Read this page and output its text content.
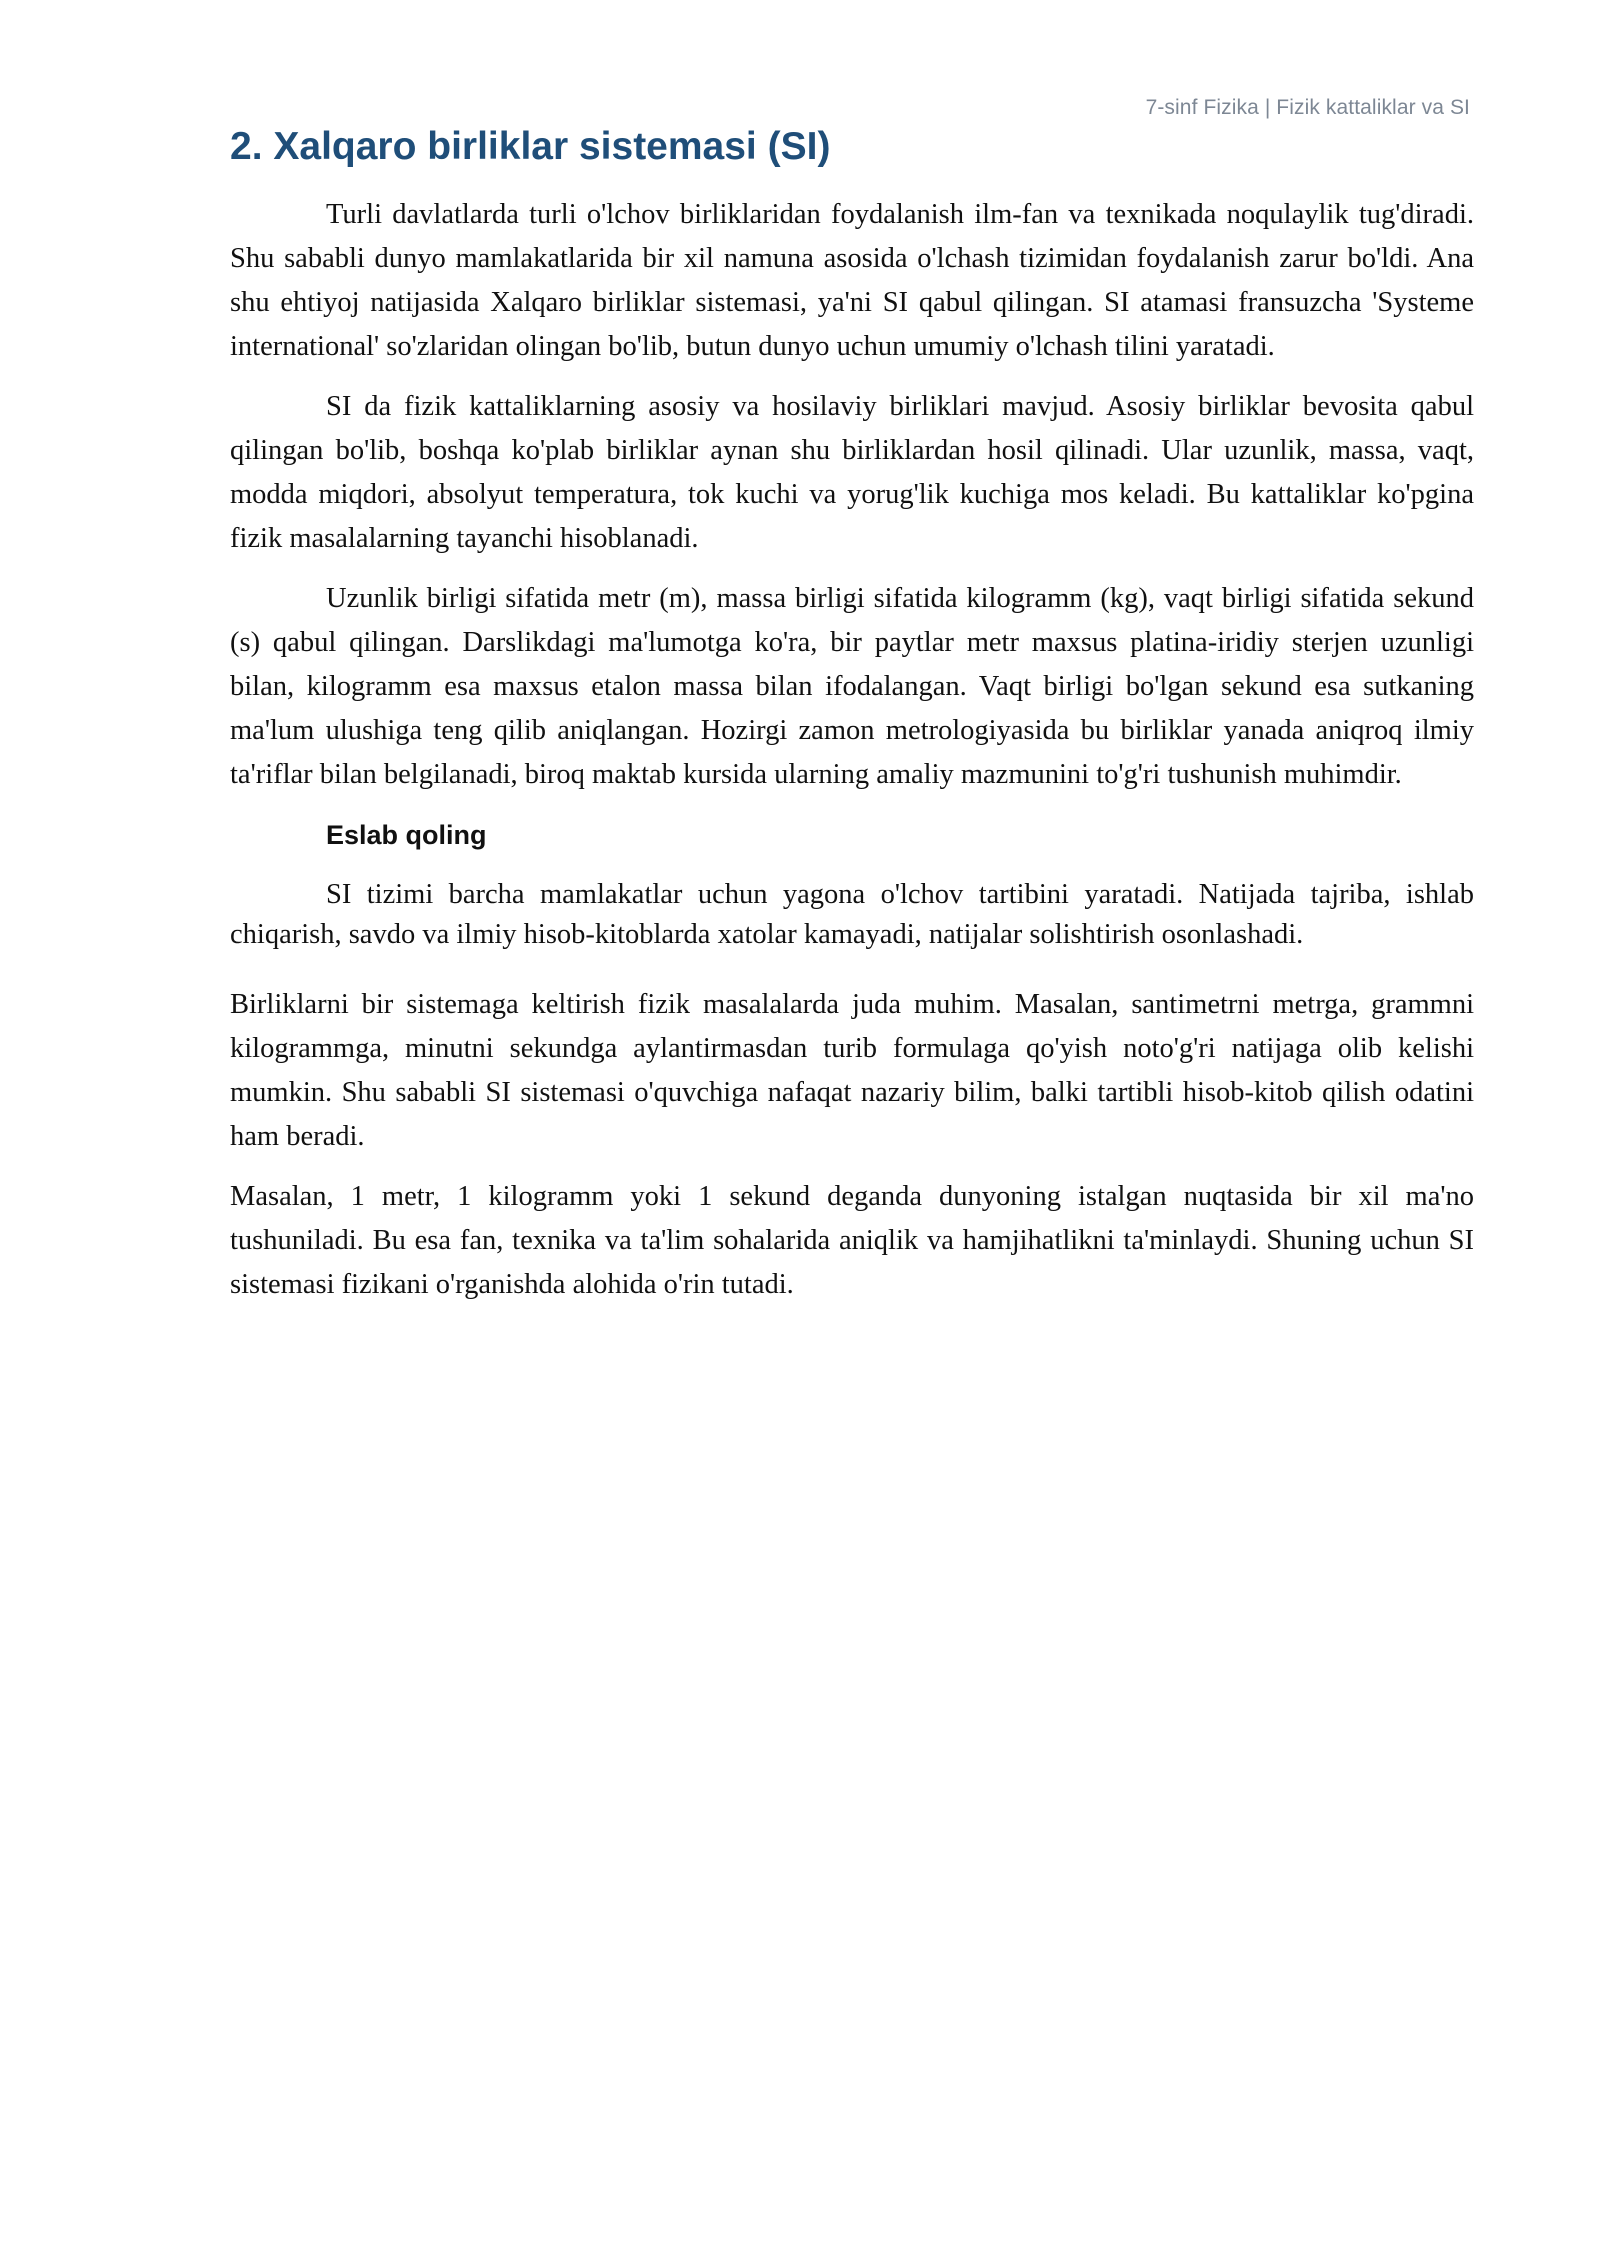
7-sinf Fizika | Fizik kattaliklar va SI
2. Xalqaro birliklar sistemasi (SI)

Turli davlatlarda turli o'lchov birliklaridan foydalanish ilm-fan va texnikada noqulaylik tug'diradi. Shu sababli dunyo mamlakatlarida bir xil namuna asosida o'lchash tizimidan foydalanish zarur bo'ldi. Ana shu ehtiyoj natijasida Xalqaro birliklar sistemasi, ya'ni SI qabul qilingan. SI atamasi fransuzcha 'Systeme international' so'zlaridan olingan bo'lib, butun dunyo uchun umumiy o'lchash tilini yaratadi.

SI da fizik kattaliklarning asosiy va hosilaviy birliklari mavjud. Asosiy birliklar bevosita qabul qilingan bo'lib, boshqa ko'plab birliklar aynan shu birliklardan hosil qilinadi. Ular uzunlik, massa, vaqt, modda miqdori, absolyut temperatura, tok kuchi va yorug'lik kuchiga mos keladi. Bu kattaliklar ko'pgina fizik masalalarning tayanchi hisoblanadi.

Uzunlik birligi sifatida metr (m), massa birligi sifatida kilogramm (kg), vaqt birligi sifatida sekund (s) qabul qilingan. Darslikdagi ma'lumotga ko'ra, bir paytlar metr maxsus platina-iridiy sterjen uzunligi bilan, kilogramm esa maxsus etalon massa bilan ifodalangan. Vaqt birligi bo'lgan sekund esa sutkaning ma'lum ulushiga teng qilib aniqlangan. Hozirgi zamon metrologiyasida bu birliklar yanada aniqroq ilmiy ta'riflar bilan belgilanadi, biroq maktab kursida ularning amaliy mazmunini to'g'ri tushunish muhimdir.

Eslab qoling

SI tizimi barcha mamlakatlar uchun yagona o'lchov tartibini yaratadi. Natijada tajriba, ishlab chiqarish, savdo va ilmiy hisob-kitoblarda xatolar kamayadi, natijalar solishtirish osonlashadi.

Birliklarni bir sistemaga keltirish fizik masalalarda juda muhim. Masalan, santimetrni metrga, grammni kilogrammga, minutni sekundga aylantirmasdan turib formulaga qo'yish noto'g'ri natijaga olib kelishi mumkin. Shu sababli SI sistemasi o'quvchiga nafaqat nazariy bilim, balki tartibli hisob-kitob qilish odatini ham beradi.

Masalan, 1 metr, 1 kilogramm yoki 1 sekund deganda dunyoning istalgan nuqtasida bir xil ma'no tushuniladi. Bu esa fan, texnika va ta'lim sohalarida aniqlik va hamjihatlikni ta'minlaydi. Shuning uchun SI sistemasi fizikani o'rganishda alohida o'rin tutadi.
